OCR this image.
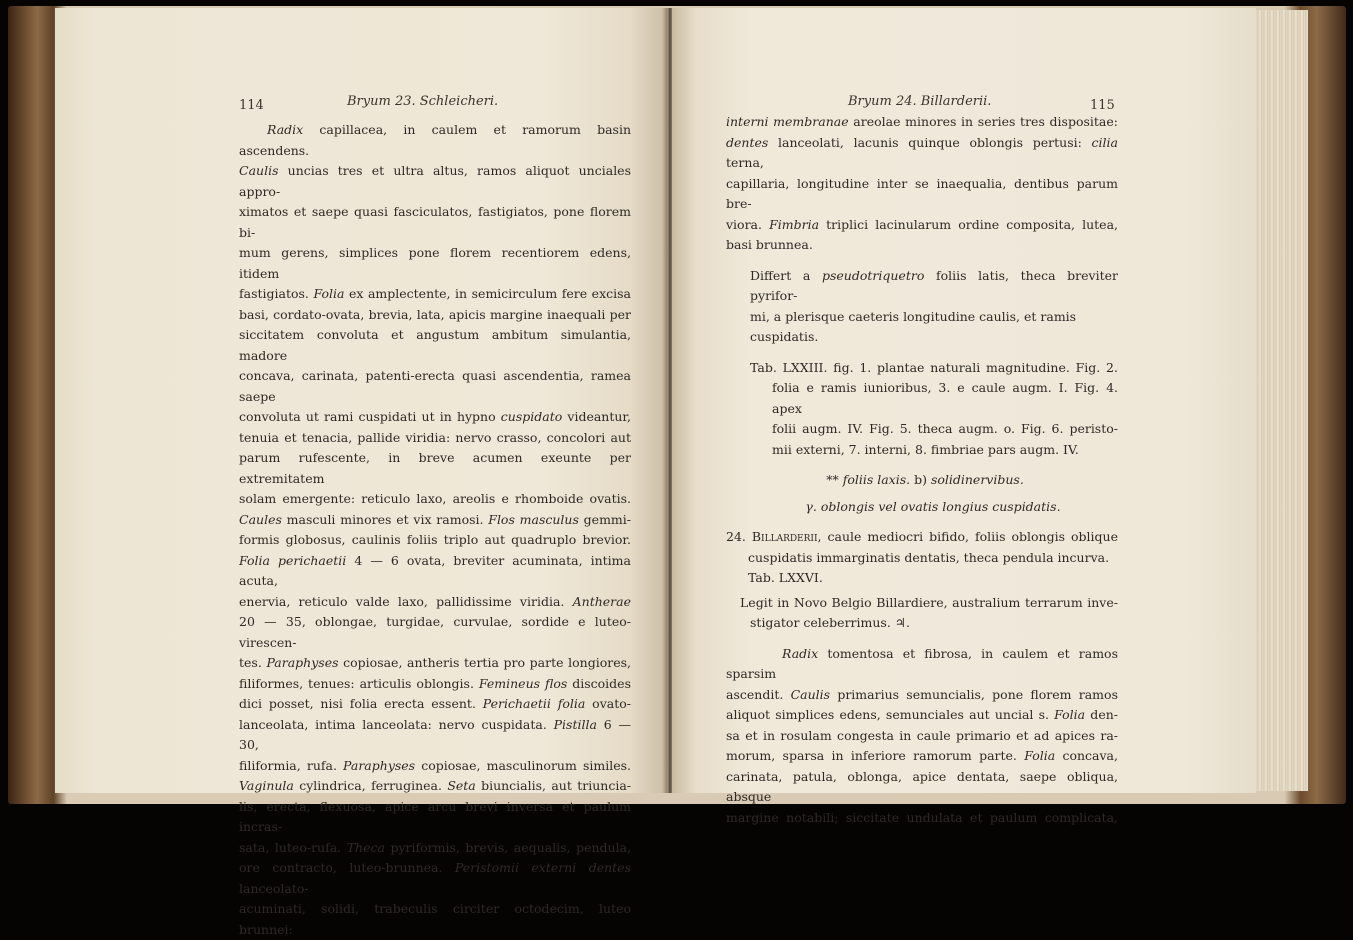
114	Bryum 23. Schleicheri.
Radix capillacea, in caulem et ramorum basin ascendens.
Caulis uncias tres et ultra altus, ramos aliquot unciales appro-
ximatos et saepe quasi fasciculatos, fastigiatos, pone florem bi-
mum gerens, simplices pone florem recentiorem edens, itidem
fastigiatos. Folia ex amplectente, in semicirculum fere excisa
basi, cordato-ovata, brevia, lata, apicis margine inaequali per
siccitatem convoluta et angustum ambitum simulantia, madore
concava, carinata, patenti-erecta quasi ascendentia, ramea saepe
convoluta ut rami cuspidati ut in hypno cuspidato videantur,
tenuia et tenacia, pallide viridia: nervo crasso, concolori aut
parum rufescente, in breve acumen exeunte per extremitatem
solam emergente: reticulo laxo, areolis e rhomboide ovatis.
Caules masculi minores et vix ramosi. Flos masculus gemmi-
formis globosus, caulinis foliis triplo aut quadruplo brevior.
Folia perichaetii 4 — 6 ovata, breviter acuminata, intima acuta,
enervia, reticulo valde laxo, pallidissime viridia. Antherae
20 — 35, oblongae, turgidae, curvulae, sordide e luteo-virescen-
tes. Paraphyses copiosae, antheris tertia pro parte longiores,
filiformes, tenues: articulis oblongis. Femineus flos discoides
dici posset, nisi folia erecta essent. Perichaetii folia ovato-
lanceolata, intima lanceolata: nervo cuspidata. Pistilla 6 — 30,
filiformia, rufa. Paraphyses copiosae, masculinorum similes.
Vaginula cylindrica, ferruginea. Seta biuncialis, aut triuncia-
lis, erecta, flexuosa, apice arcu brevi inversa et paulum incras-
sata, luteo-rufa. Theca pyriformis, brevis, aequalis, pendula,
ore contracto, luteo-brunnea. Peristomii externi dentes lanceolato-
acuminati, solidi, trabeculis circiter octodecim, luteo brunnei:
Bryum 24. Billarderii.	115
interni membranae areolae minores in series tres dispositae:
dentes lanceolati, lacunis quinque oblongis pertusi: cilia terna,
capillaria, longitudine inter se inaequalia, dentibus parum bre-
viora. Fimbria triplici lacinularum ordine composita, lutea,
basi brunnea.
Differt a pseudotriquetro foliis latis, theca breviter pyrifor-
mi, a plerisque caeteris longitudine caulis, et ramis cuspidatis.
Tab. LXXIII. fig. 1. plantae naturali magnitudine. Fig. 2.
folia e ramis iunioribus, 3. e caule augm. I. Fig. 4. apex
folii augm. IV. Fig. 5. theca augm. o. Fig. 6. peristo-
mii externi, 7. interni, 8. fimbriae pars augm. IV.

** foliis laxis. b) solidinervibus.

γ. oblongis vel ovatis longius cuspidatis.

24. Billarderii, caule mediocri bifido, foliis oblongis oblique
cuspidatis immarginatis dentatis, theca pendula incurva.
Tab. LXXVI.
Legit in Novo Belgio Billardiere, australium terrarum inve-
stigator celeberrimus. ♃.
Radix tomentosa et fibrosa, in caulem et ramos sparsim
ascendit. Caulis primarius semuncialis, pone florem ramos
aliquot simplices edens, semunciales aut uncial s. Folia den-
sa et in rosulam congesta in caule primario et ad apices ra-
morum, sparsa in inferiore ramorum parte. Folia concava,
carinata, patula, oblonga, apice dentata, saepe obliqua, absque
margine notabili; siccitate undulata et paulum complicata,
